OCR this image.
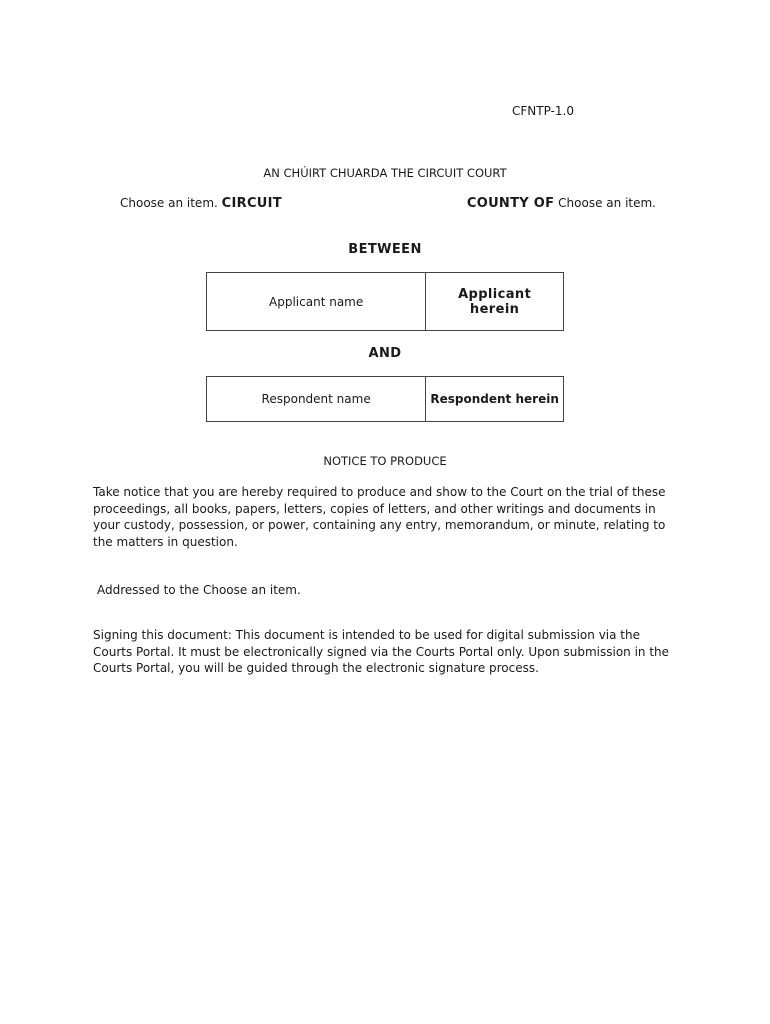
CFNTP-1.0
AN CHÚIRT CHUARDA THE CIRCUIT COURT
Choose an item. CIRCUIT	COUNTY OF Choose an item.
BETWEEN
Applicant name	Applicant
herein
AND
Respondent name	Respondent herein
NOTICE TO PRODUCE
Take notice that you are hereby required to produce and show to the Court on the trial of these proceedings, all books, papers, letters, copies of letters, and other writings and documents in your custody, possession, or power, containing any entry, memorandum, or minute, relating to the matters in question.
Addressed to the Choose an item.
Signing this document: This document is intended to be used for digital submission via the Courts Portal. It must be electronically signed via the Courts Portal only. Upon submission in the Courts Portal, you will be guided through the electronic signature process.
